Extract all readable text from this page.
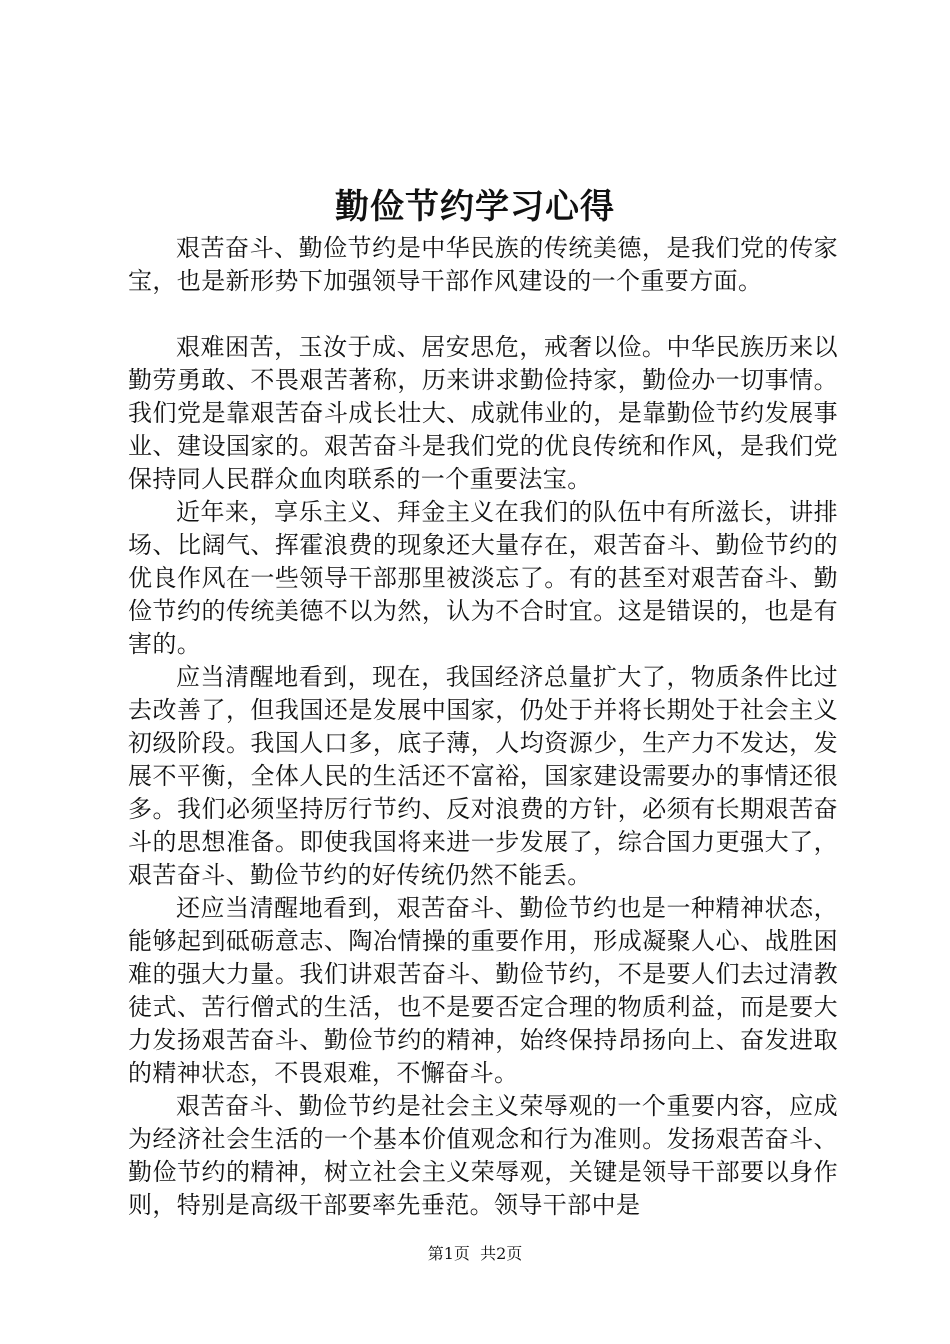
勤俭节约学习心得

艰苦奋斗、勤俭节约是中华民族的传统美德，是我们党的传家宝，也是新形势下加强领导干部作风建设的一个重要方面。

艰难困苦，玉汝于成、居安思危，戒奢以俭。中华民族历来以勤劳勇敢、不畏艰苦著称，历来讲求勤俭持家，勤俭办一切事情。我们党是靠艰苦奋斗成长壮大、成就伟业的，是靠勤俭节约发展事业、建设国家的。艰苦奋斗是我们党的优良传统和作风，是我们党保持同人民群众血肉联系的一个重要法宝。

近年来，享乐主义、拜金主义在我们的队伍中有所滋长，讲排场、比阔气、挥霍浪费的现象还大量存在，艰苦奋斗、勤俭节约的优良作风在一些领导干部那里被淡忘了。有的甚至对艰苦奋斗、勤俭节约的传统美德不以为然，认为不合时宜。这是错误的，也是有害的。

应当清醒地看到，现在，我国经济总量扩大了，物质条件比过去改善了，但我国还是发展中国家，仍处于并将长期处于社会主义初级阶段。我国人口多，底子薄，人均资源少，生产力不发达，发展不平衡，全体人民的生活还不富裕，国家建设需要办的事情还很多。我们必须坚持厉行节约、反对浪费的方针，必须有长期艰苦奋斗的思想准备。即使我国将来进一步发展了，综合国力更强大了，艰苦奋斗、勤俭节约的好传统仍然不能丢。

还应当清醒地看到，艰苦奋斗、勤俭节约也是一种精神状态，能够起到砥砺意志、陶冶情操的重要作用，形成凝聚人心、战胜困难的强大力量。我们讲艰苦奋斗、勤俭节约，不是要人们去过清教徒式、苦行僧式的生活，也不是要否定合理的物质利益，而是要大力发扬艰苦奋斗、勤俭节约的精神，始终保持昂扬向上、奋发进取的精神状态，不畏艰难，不懈奋斗。

艰苦奋斗、勤俭节约是社会主义荣辱观的一个重要内容，应成为经济社会生活的一个基本价值观念和行为准则。发扬艰苦奋斗、勤俭节约的精神，树立社会主义荣辱观，关键是领导干部要以身作则，特别是高级干部要率先垂范。领导干部中是

第1页  共2页
